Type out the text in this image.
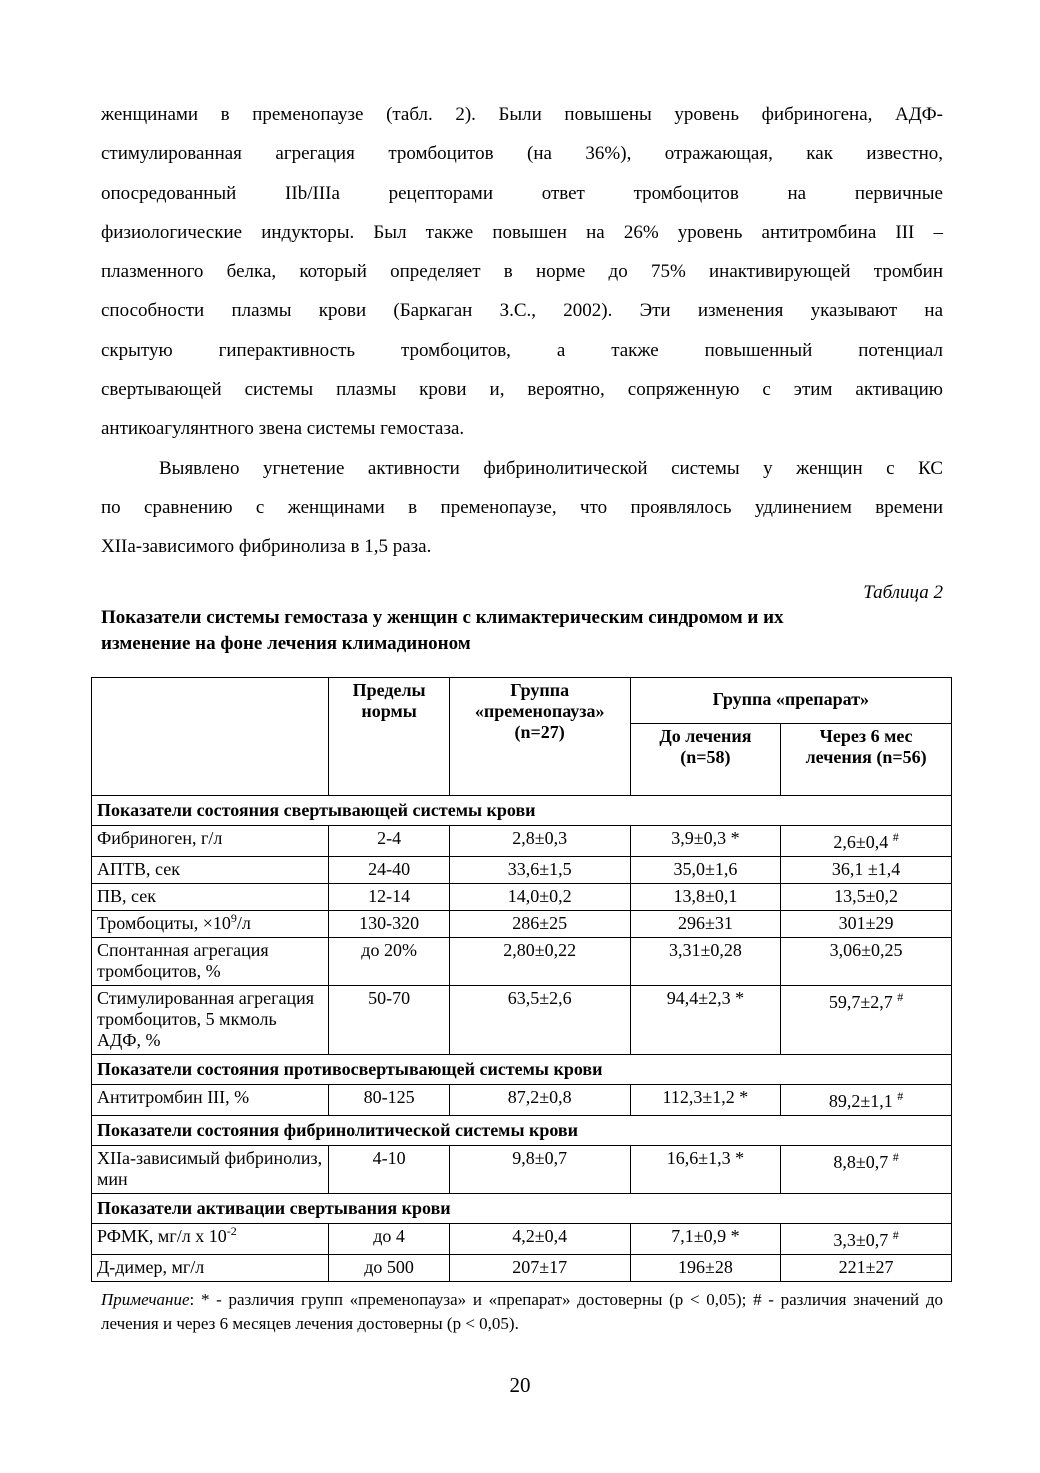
женщинами в пременопаузе (табл. 2). Были повышены уровень фибриногена, АДФ-

стимулированная агрегация тромбоцитов (на 36%), отражающая, как известно,

опосредованный IIb/IIIa рецепторами ответ тромбоцитов на первичные

физиологические индукторы. Был также повышен на 26% уровень антитромбина III –

плазменного белка, который определяет в норме до 75% инактивирующей тромбин

способности плазмы крови (Баркаган З.С., 2002). Эти изменения указывают на

скрытую гиперактивность тромбоцитов, а также повышенный потенциал

свертывающей системы плазмы крови и, вероятно, сопряженную с этим активацию

антикоагулянтного звена системы гемостаза.

Выявлено угнетение активности фибринолитической системы у женщин с КС

по сравнению с женщинами в пременопаузе, что проявлялось удлинением времени

XIIa-зависимого фибринолиза в 1,5 раза.

Таблица 2

Показатели системы гемостаза у женщин с климактерическим синдромом и их
изменение на фоне лечения климадиноном

	Пределы нормы	Группа «пременопауза» (n=27)	Группа «препарат»	
			До лечения (n=58)	Через 6 мес лечения (n=56)
Показатели состояния свертывающей системы крови				
Фибриноген, г/л	2-4	2,8±0,3	3,9±0,3 *	2,6±0,4 #
АПТВ, сек	24-40	33,6±1,5	35,0±1,6	36,1 ±1,4
ПВ, сек	12-14	14,0±0,2	13,8±0,1	13,5±0,2
Тромбоциты, $\times 10^9/л$	130-320	286±25	296±31	301±29
Спонтанная агрегация тромбоцитов, %	до 20%	2,80±0,22	3,31±0,28	3,06±0,25
Стимулированная агрегация тромбоцитов, 5 мкмоль АДФ, %	50-70	63,5±2,6	94,4±2,3 *	59,7±2,7 #
Показатели состояния противосвертывающей системы крови				
Антитромбин III, %	80-125	87,2±0,8	112,3±1,2 *	89,2±1,1 #
Показатели состояния фибринолитической системы крови				
XIIa-зависимый фибринолиз, мин	4-10	9,8±0,7	16,6±1,3 *	8,8±0,7 #
Показатели активации свертывания крови				
РФМК, мг/л х $10^{-2}$	до 4	4,2±0,4	7,1±0,9 *	3,3±0,7 #
Д-димер, мг/л	до 500	207±17	196±28	221±27

Примечание: * - различия групп «пременопауза» и «препарат» достоверны (р < 0,05); # - различия значений до лечения и через 6 месяцев лечения достоверны (р < 0,05).

20
